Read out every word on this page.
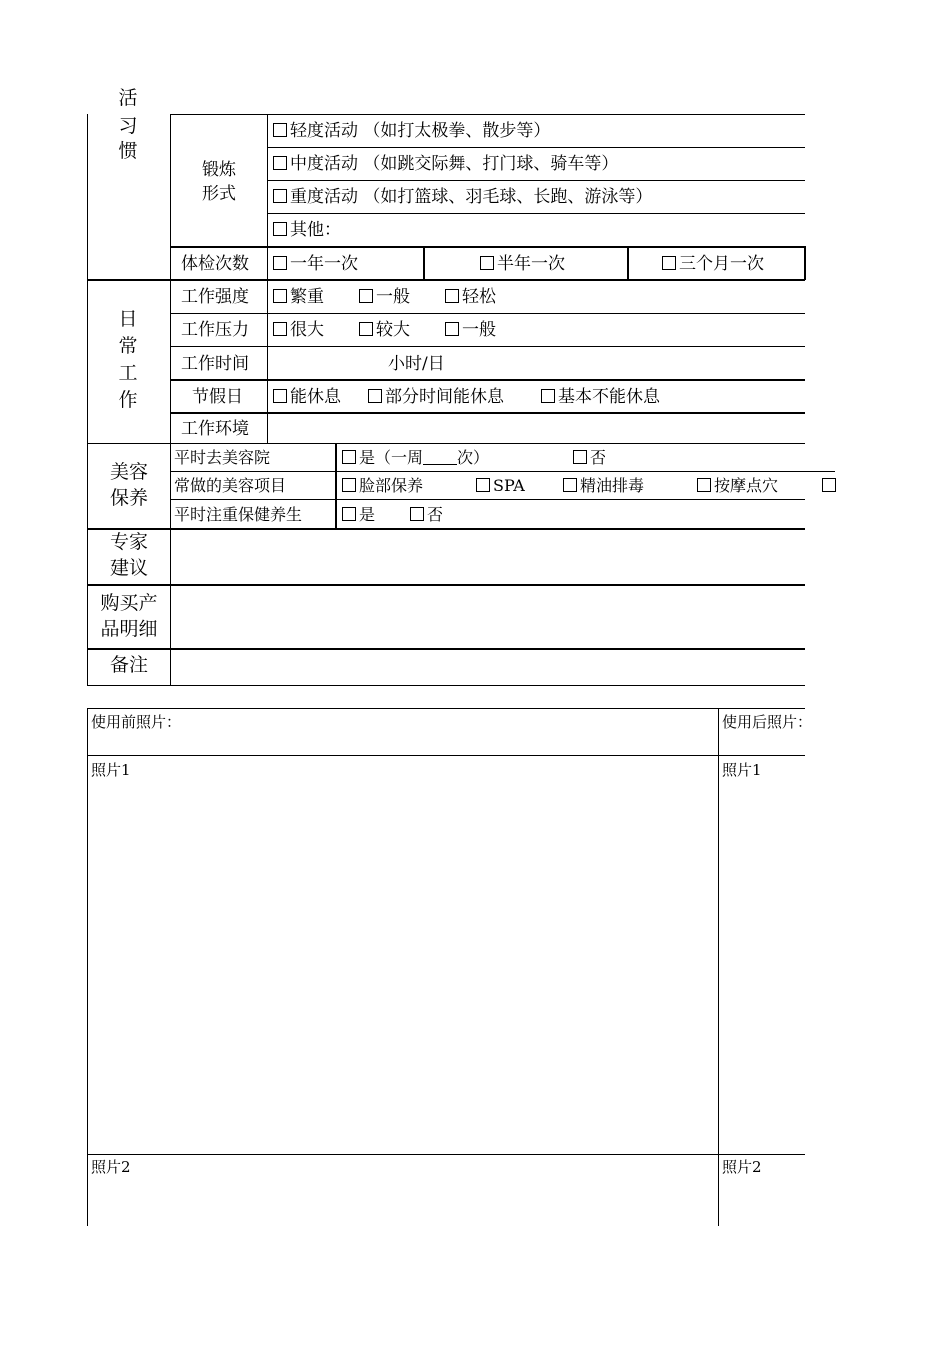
活
习
惯
锻炼
形式
轻度活动 （如打太极拳、散步等）
中度活动 （如跳交际舞、打门球、骑车等）
重度活动 （如打篮球、羽毛球、长跑、游泳等）
其他：
体检次数	一年一次	半年一次	三个月一次
日
常
工
作
工作强度	繁重	一般	轻松
工作压力	很大	较大	一般
工作时间	小时/日
节假日	能休息	部分时间能休息	基本不能休息
工作环境
美容
保养
平时去美容院	是（一周 次）	否
常做的美容项目	脸部保养	SPA	精油排毒	按摩点穴
平时注重保健养生	是	否
专家
建议
购买产
品明细
备注
使用前照片：	使用后照片：
照片1	照片1
照片2	照片2
